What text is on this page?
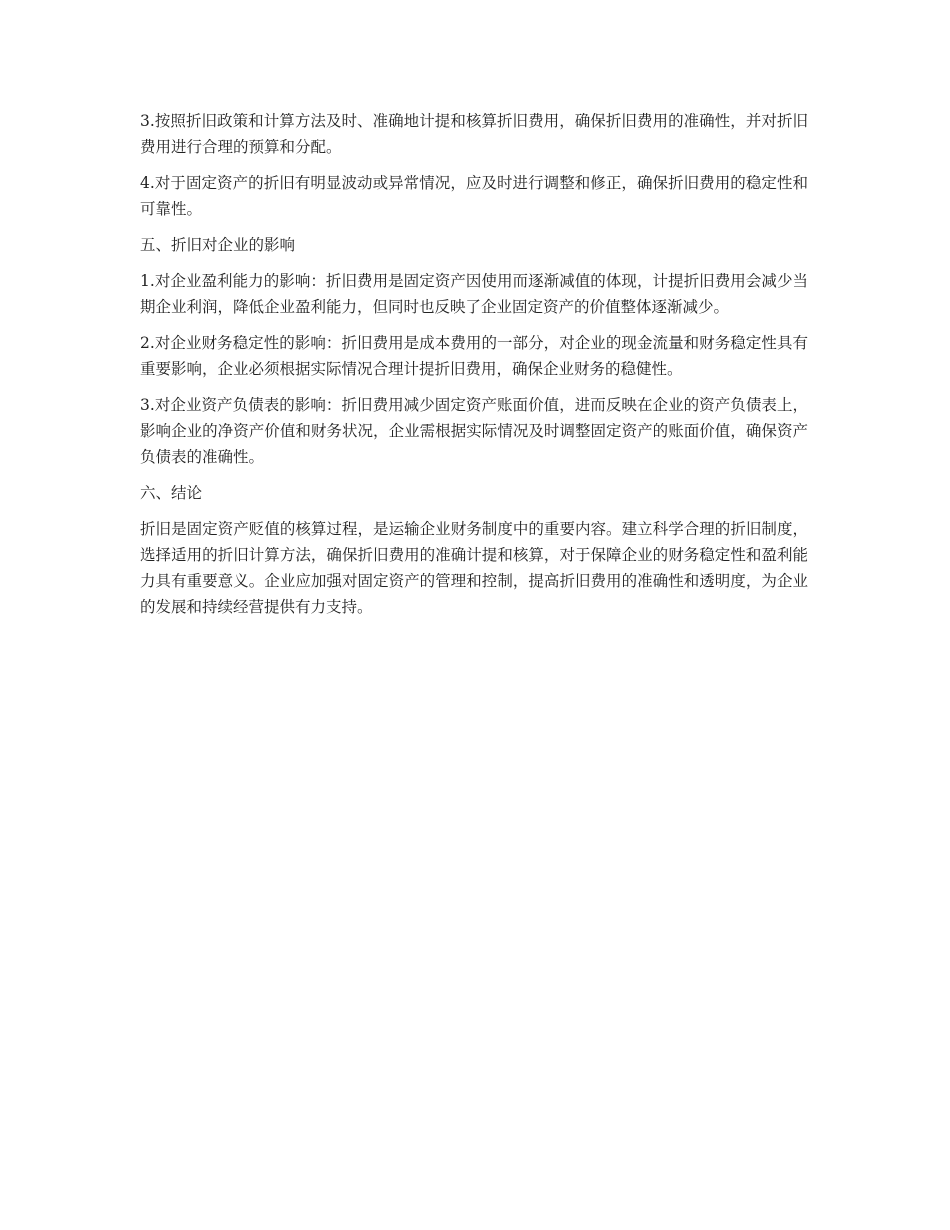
3.按照折旧政策和计算方法及时、准确地计提和核算折旧费用，确保折旧费用的准确性，并对折旧费用进行合理的预算和分配。

4.对于固定资产的折旧有明显波动或异常情况，应及时进行调整和修正，确保折旧费用的稳定性和可靠性。

五、折旧对企业的影响

1.对企业盈利能力的影响：折旧费用是固定资产因使用而逐渐减值的体现，计提折旧费用会减少当期企业利润，降低企业盈利能力，但同时也反映了企业固定资产的价值整体逐渐减少。

2.对企业财务稳定性的影响：折旧费用是成本费用的一部分，对企业的现金流量和财务稳定性具有重要影响，企业必须根据实际情况合理计提折旧费用，确保企业财务的稳健性。

3.对企业资产负债表的影响：折旧费用减少固定资产账面价值，进而反映在企业的资产负债表上，影响企业的净资产价值和财务状况，企业需根据实际情况及时调整固定资产的账面价值，确保资产负债表的准确性。

六、结论

折旧是固定资产贬值的核算过程，是运输企业财务制度中的重要内容。建立科学合理的折旧制度，选择适用的折旧计算方法，确保折旧费用的准确计提和核算，对于保障企业的财务稳定性和盈利能力具有重要意义。企业应加强对固定资产的管理和控制，提高折旧费用的准确性和透明度，为企业的发展和持续经营提供有力支持。
